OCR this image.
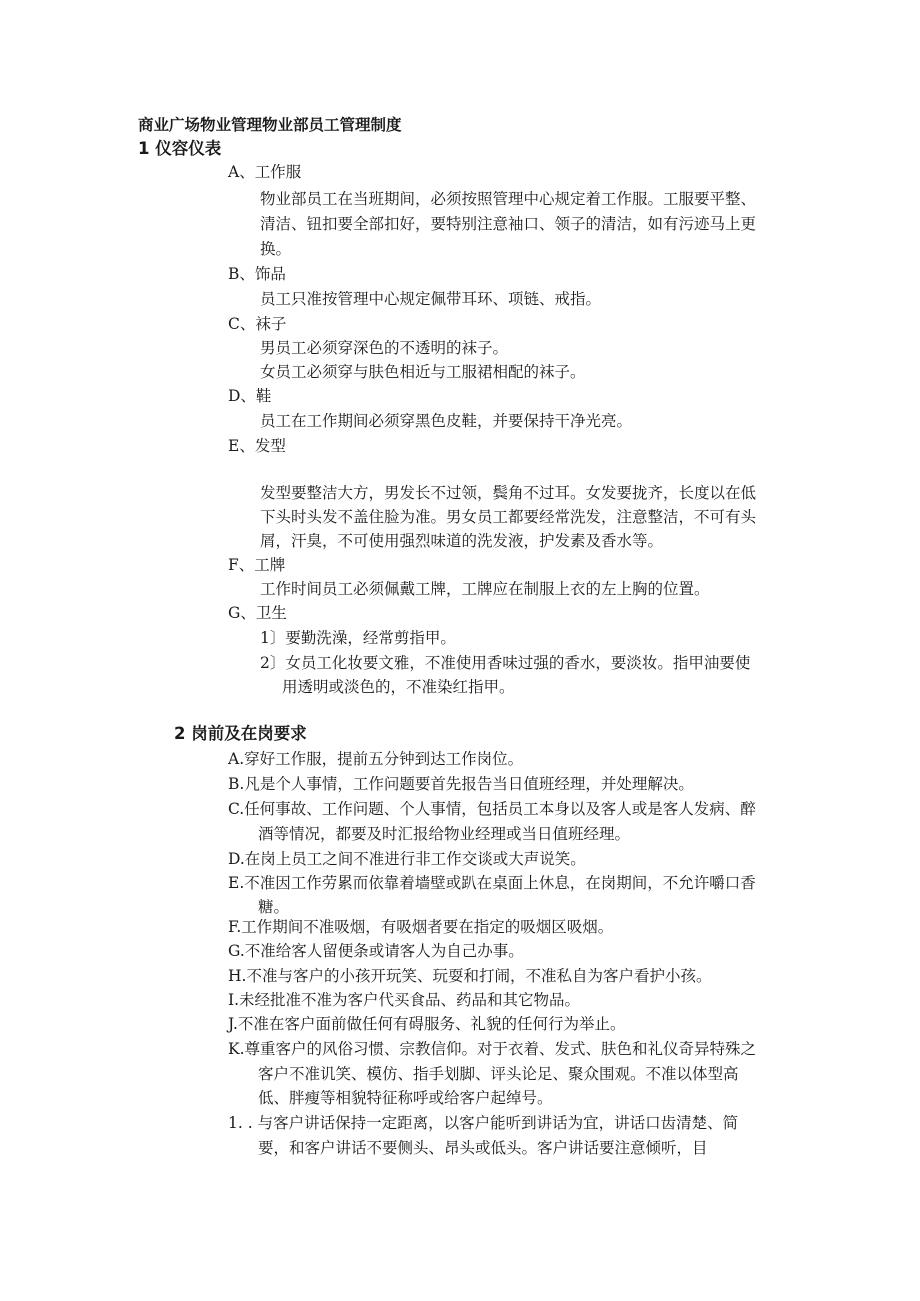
商业广场物业管理物业部员工管理制度
1 仪容仪表
A、工作服
物业部员工在当班期间，必须按照管理中心规定着工作服。工服要平整、
清洁、钮扣要全部扣好，要特别注意袖口、领子的清洁，如有污迹马上更
换。
B、饰品
员工只准按管理中心规定佩带耳环、项链、戒指。
C、袜子
男员工必须穿深色的不透明的袜子。
女员工必须穿与肤色相近与工服裙相配的袜子。
D、鞋
员工在工作期间必须穿黑色皮鞋，并要保持干净光亮。
E、发型
发型要整洁大方，男发长不过领，鬓角不过耳。女发要拢齐，长度以在低
下头时头发不盖住脸为准。男女员工都要经常洗发，注意整洁，不可有头
屑，汗臭，不可使用强烈味道的洗发液，护发素及香水等。
F、工牌
工作时间员工必须佩戴工牌，工牌应在制服上衣的左上胸的位置。
G、卫生
1〕要勤洗澡，经常剪指甲。
2〕女员工化妆要文雅，不准使用香味过强的香水，要淡妆。指甲油要使
用透明或淡色的，不准染红指甲。
2 岗前及在岗要求
A.穿好工作服，提前五分钟到达工作岗位。
B.凡是个人事情，工作问题要首先报告当日值班经理，并处理解决。
C.任何事故、工作问题、个人事情，包括员工本身以及客人或是客人发病、醉
酒等情况，都要及时汇报给物业经理或当日值班经理。
D.在岗上员工之间不准进行非工作交谈或大声说笑。
E.不准因工作劳累而依靠着墙壁或趴在桌面上休息，在岗期间，不允许嚼口香
糖。
F.工作期间不准吸烟，有吸烟者要在指定的吸烟区吸烟。
G.不准给客人留便条或请客人为自己办事。
H.不准与客户的小孩开玩笑、玩耍和打闹，不准私自为客户看护小孩。
I.未经批准不准为客户代买食品、药品和其它物品。
J.不准在客户面前做任何有碍服务、礼貌的任何行为举止。
K.尊重客户的风俗习惯、宗教信仰。对于衣着、发式、肤色和礼仪奇异特殊之
客户不准讥笑、模仿、指手划脚、评头论足、聚众围观。不准以体型高
低、胖瘦等相貌特征称呼或给客户起绰号。
1. . 与客户讲话保持一定距离，以客户能听到讲话为宜，讲话口齿清楚、简
要，和客户讲话不要侧头、昂头或低头。客户讲话要注意倾听，目
